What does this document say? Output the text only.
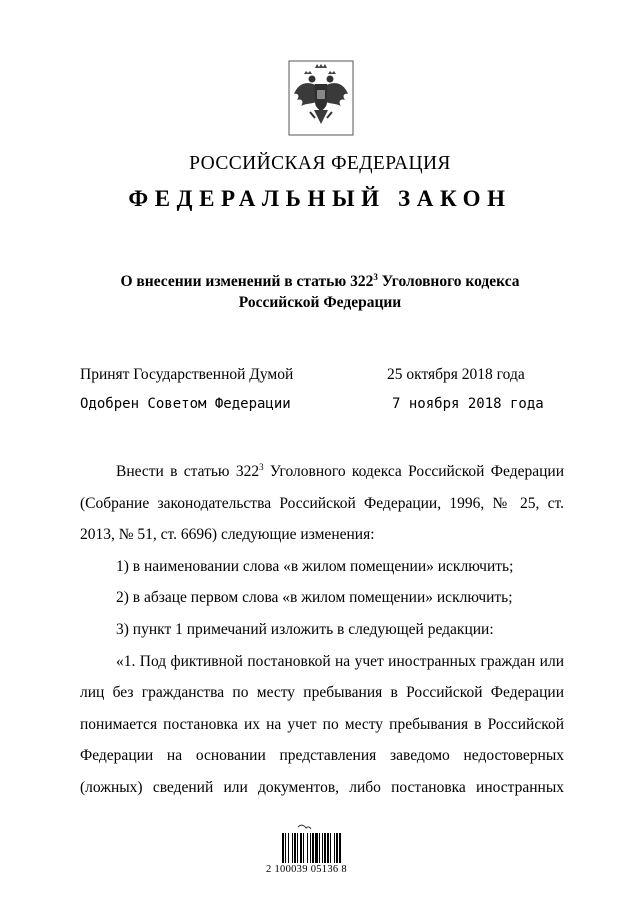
РОССИЙСКАЯ ФЕДЕРАЦИЯ
ФЕДЕРАЛЬНЫЙ ЗАКОН
О внесении изменений в статью $322^3$ Уголовного кодекса
Российской Федерации
Принят Государственной Думой	25 октября 2018 года
Одобрен Советом Федерации	7 ноября 2018 года
Внести в статью $322^3$ Уголовного кодекса Российской Федерации
(Собрание законодательства Российской Федерации, 1996, № 25, ст.
2013, № 51, ст. 6696) следующие изменения:
1) в наименовании слова «в жилом помещении» исключить;
2) в абзаце первом слова «в жилом помещении» исключить;
3) пункт 1 примечаний изложить в следующей редакции:
«1. Под фиктивной постановкой на учет иностранных граждан или
лиц без гражданства по месту пребывания в Российской Федерации
понимается постановка их на учет по месту пребывания в Российской
Федерации на основании представления заведомо недостоверных
(ложных) сведений или документов, либо постановка иностранных
2 100039 05136 8
